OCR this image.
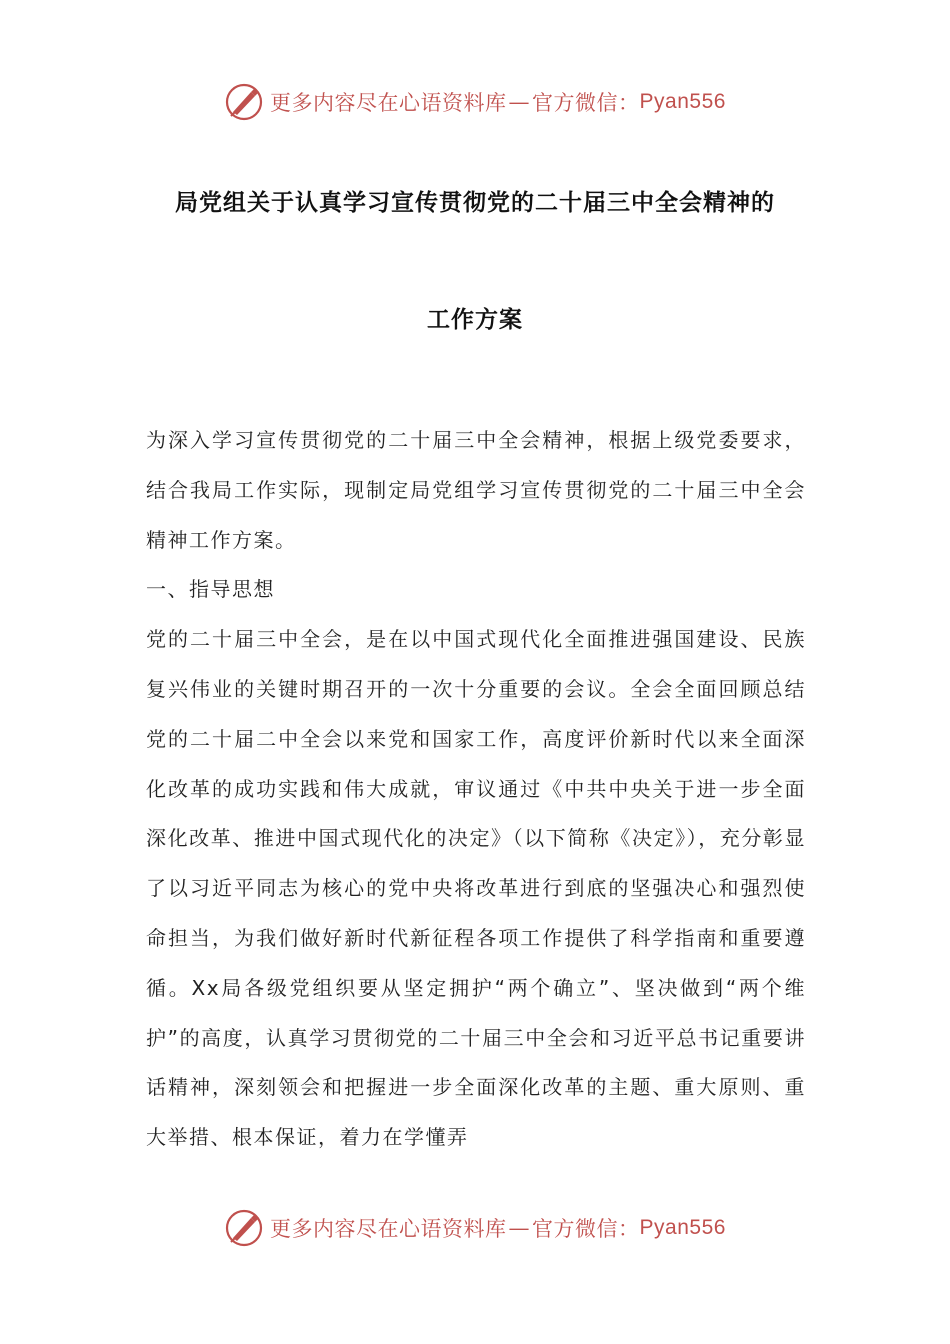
更多内容尽在心语资料库 — 官方微信： Pyan556
局党组关于认真学习宣传贯彻党的二十届三中全会精神的
工作方案

为深入学习宣传贯彻党的二十届三中全会精神，根据上级党委要求，结合我局工作实际，现制定局党组学习宣传贯彻党的二十届三中全会精神工作方案。

一、指导思想

党的二十届三中全会，是在以中国式现代化全面推进强国建设、民族复兴伟业的关键时期召开的一次十分重要的会议。全会全面回顾总结党的二十届二中全会以来党和国家工作，高度评价新时代以来全面深化改革的成功实践和伟大成就，审议通过《中共中央关于进一步全面深化改革、推进中国式现代化的决定》（以下简称《决定》），充分彰显了以习近平同志为核心的党中央将改革进行到底的坚强决心和强烈使命担当，为我们做好新时代新征程各项工作提供了科学指南和重要遵循。Xx局各级党组织要从坚定拥护“两个确立”、坚决做到“两个维护”的高度，认真学习贯彻党的二十届三中全会和习近平总书记重要讲话精神，深刻领会和把握进一步全面深化改革的主题、重大原则、重大举措、根本保证，着力在学懂弄

更多内容尽在心语资料库 — 官方微信： Pyan556
